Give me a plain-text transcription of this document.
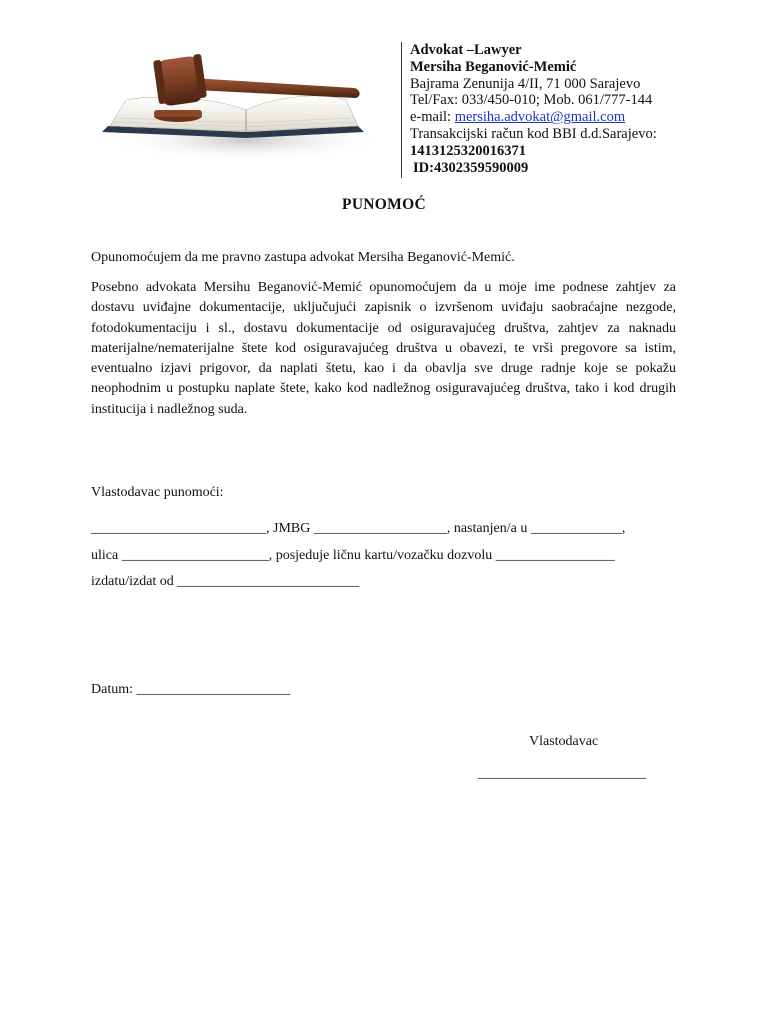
Advokat –Lawyer
Mersiha Beganović-Memić
Bajrama Zenunija 4/II, 71 000 Sarajevo
Tel/Fax: 033/450-010; Mob. 061/777-144
e-mail: mersiha.advokat@gmail.com
Transakcijski račun kod BBI d.d.Sarajevo:
1413125320016371
ID:4302359590009
PUNOMOĆ
Opunomoćujem da me pravno zastupa advokat Mersiha Beganović-Memić.
Posebno advokata Mersihu Beganović-Memić opunomoćujem da u moje ime podnese zahtjev za dostavu uviđajne dokumentacije, uključujući zapisnik o izvršenom uviđaju saobraćajne nezgode, fotodokumentaciju i sl., dostavu dokumentacije od osiguravajućeg društva, zahtjev za naknadu materijalne/nematerijalne štete kod osiguravajućeg društva u obavezi, te vrši pregovore sa istim, eventualno izjavi prigovor, da naplati štetu, kao i da obavlja sve druge radnje koje se pokažu neophodnim u postupku naplate štete, kako kod nadležnog osiguravajućeg društva, tako i kod drugih institucija i nadležnog suda.
Vlastodavac punomoći:
_________________________, JMBG ___________________, nastanjen/a u _____________,
ulica _____________________, posjeduje ličnu kartu/vozačku dozvolu _________________
izdatu/izdat od __________________________
Datum: ______________________
Vlastodavac
________________________
